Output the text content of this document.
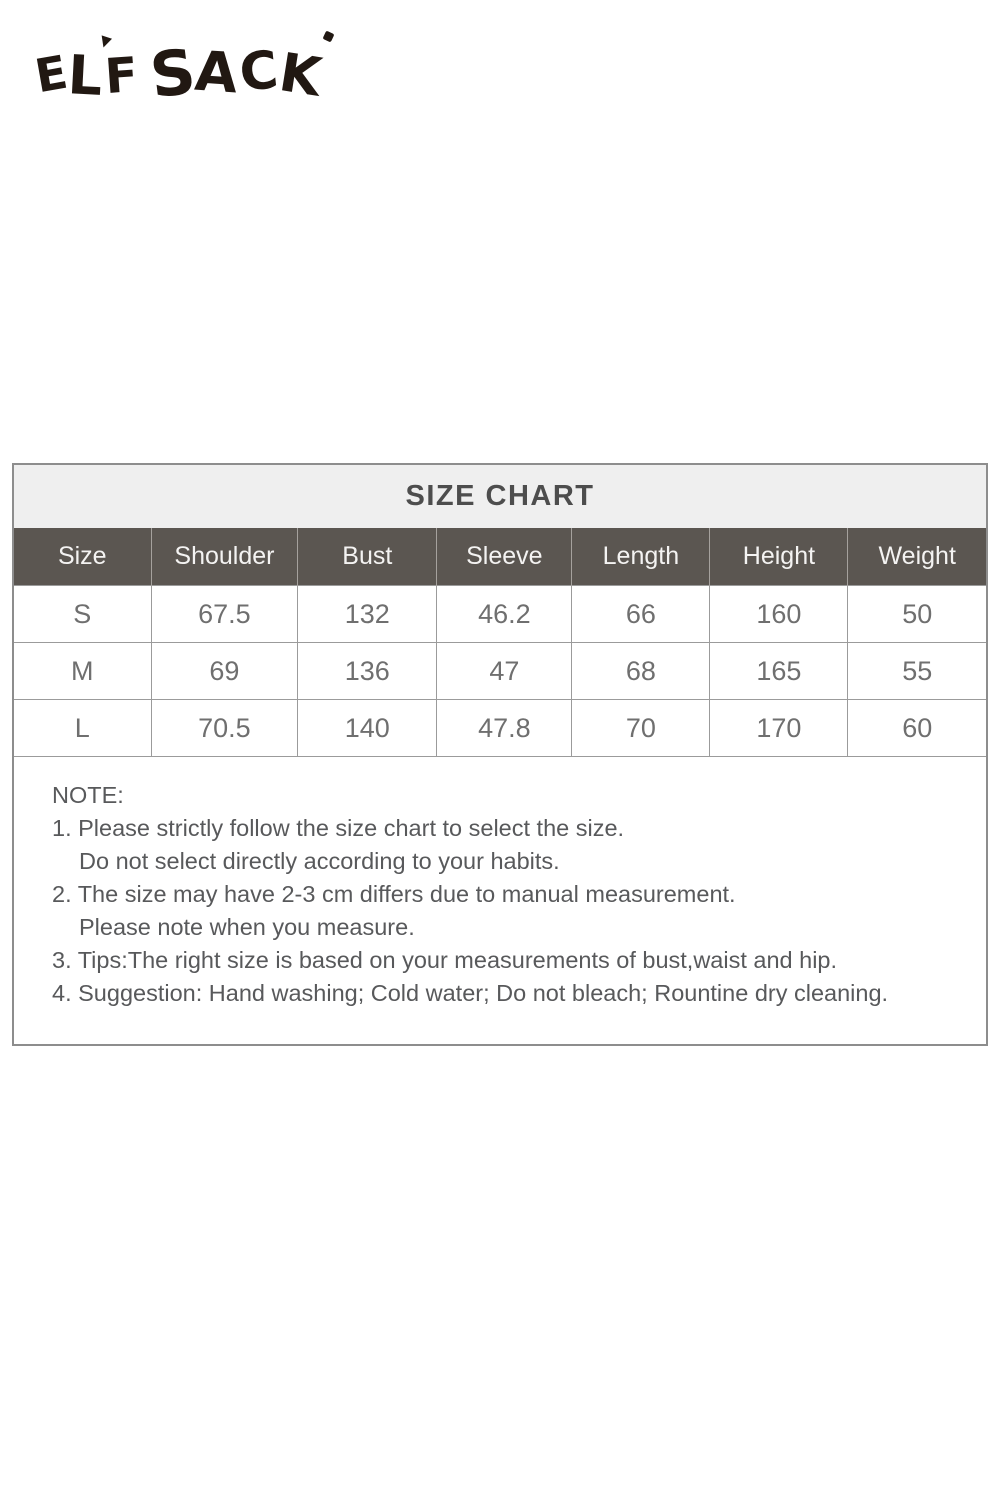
▾
E
L
F S
A
C
K
SIZE CHART
Size	Shoulder	Bust	Sleeve	Length	Height	Weight
S	67.5	132	46.2	66	160	50
M	69	136	47	68	165	55
L	70.5	140	47.8	70	170	60
NOTE:
1. Please strictly follow the size chart to select the size.
Do not select directly according to your habits.
2. The size may have 2-3 cm differs due to manual measurement.
Please note when you measure.
3. Tips:The right size is based on your measurements of bust,waist and hip.
4. Suggestion: Hand washing; Cold water; Do not bleach; Rountine dry cleaning.
